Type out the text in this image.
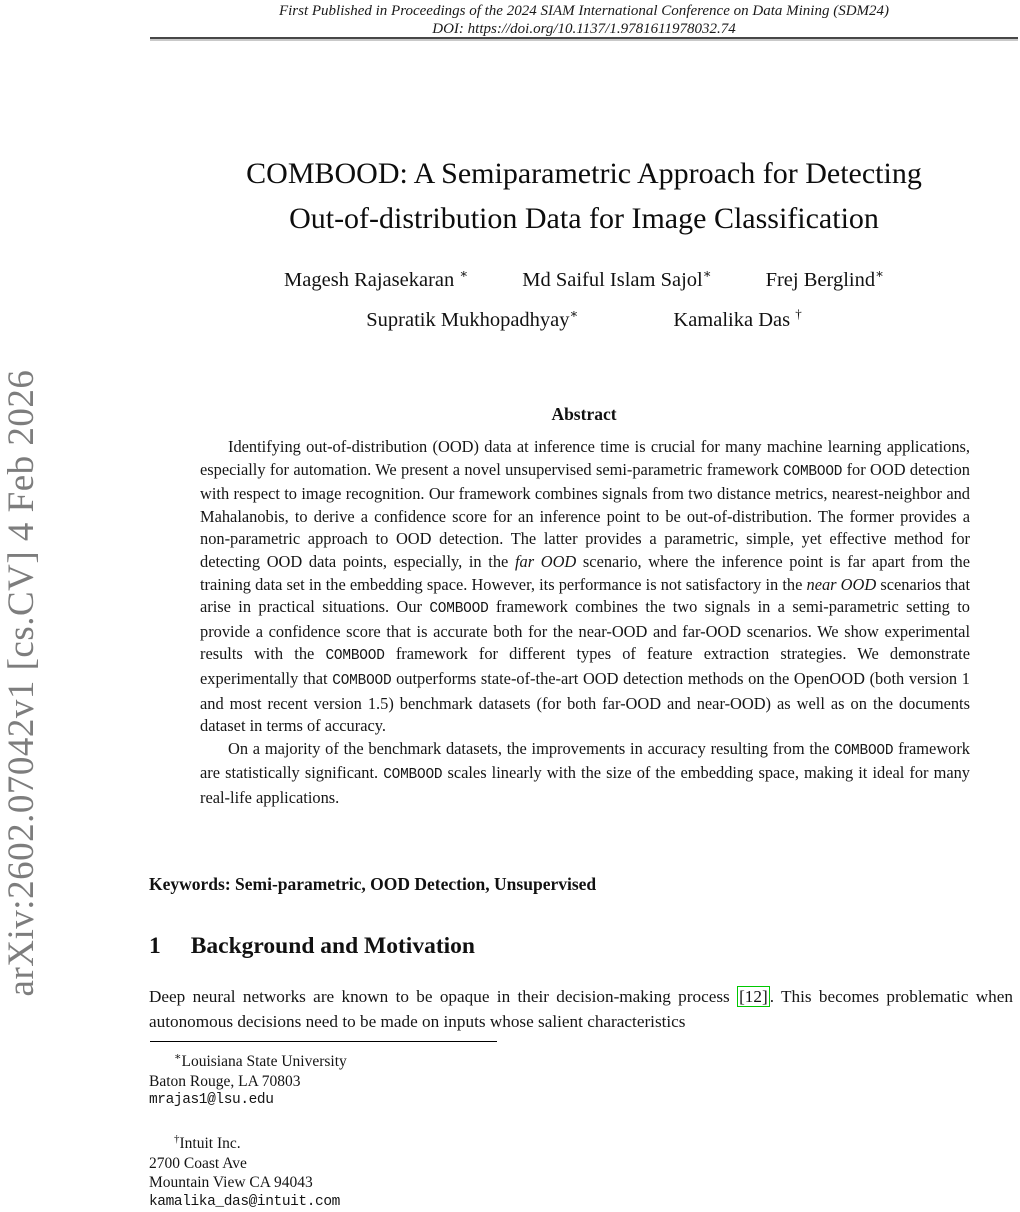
arXiv:2602.07042v1 [cs.CV] 4 Feb 2026
First Published in Proceedings of the 2024 SIAM International Conference on Data Mining (SDM24)
DOI: https://doi.org/10.1137/1.9781611978032.74
COMBOOD: A Semiparametric Approach for Detecting
Out-of-distribution Data for Image Classification
Magesh Rajasekaran ∗	Md Saiful Islam Sajol∗	Frej Berglind∗
Supratik Mukhopadhyay∗	Kamalika Das †
Abstract

Identifying out-of-distribution (OOD) data at inference time is crucial for many machine learning applications, especially for automation. We present a novel unsupervised semi-parametric framework COMBOOD for OOD detection with respect to image recognition. Our framework combines signals from two distance metrics, nearest-neighbor and Mahalanobis, to derive a confidence score for an inference point to be out-of-distribution. The former provides a non-parametric approach to OOD detection. The latter provides a parametric, simple, yet effective method for detecting OOD data points, especially, in the far OOD scenario, where the inference point is far apart from the training data set in the embedding space. However, its performance is not satisfactory in the near OOD scenarios that arise in practical situations. Our COMBOOD framework combines the two signals in a semi-parametric setting to provide a confidence score that is accurate both for the near-OOD and far-OOD scenarios. We show experimental results with the COMBOOD framework for different types of feature extraction strategies. We demonstrate experimentally that COMBOOD outperforms state-of-the-art OOD detection methods on the OpenOOD (both version 1 and most recent version 1.5) benchmark datasets (for both far-OOD and near-OOD) as well as on the documents dataset in terms of accuracy.

On a majority of the benchmark datasets, the improvements in accuracy resulting from the COMBOOD framework are statistically significant. COMBOOD scales linearly with the size of the embedding space, making it ideal for many real-life applications.

Keywords: Semi-parametric, OOD Detection, Unsupervised
1 Background and Motivation
Deep neural networks are known to be opaque in their decision-making process [12] . This becomes problematic when autonomous decisions need to be made on inputs whose salient characteristics
∗Louisiana State University
Baton Rouge, LA 70803
mrajas1@lsu.edu
†Intuit Inc.
2700 Coast Ave
Mountain View CA 94043
kamalika_das@intuit.com
